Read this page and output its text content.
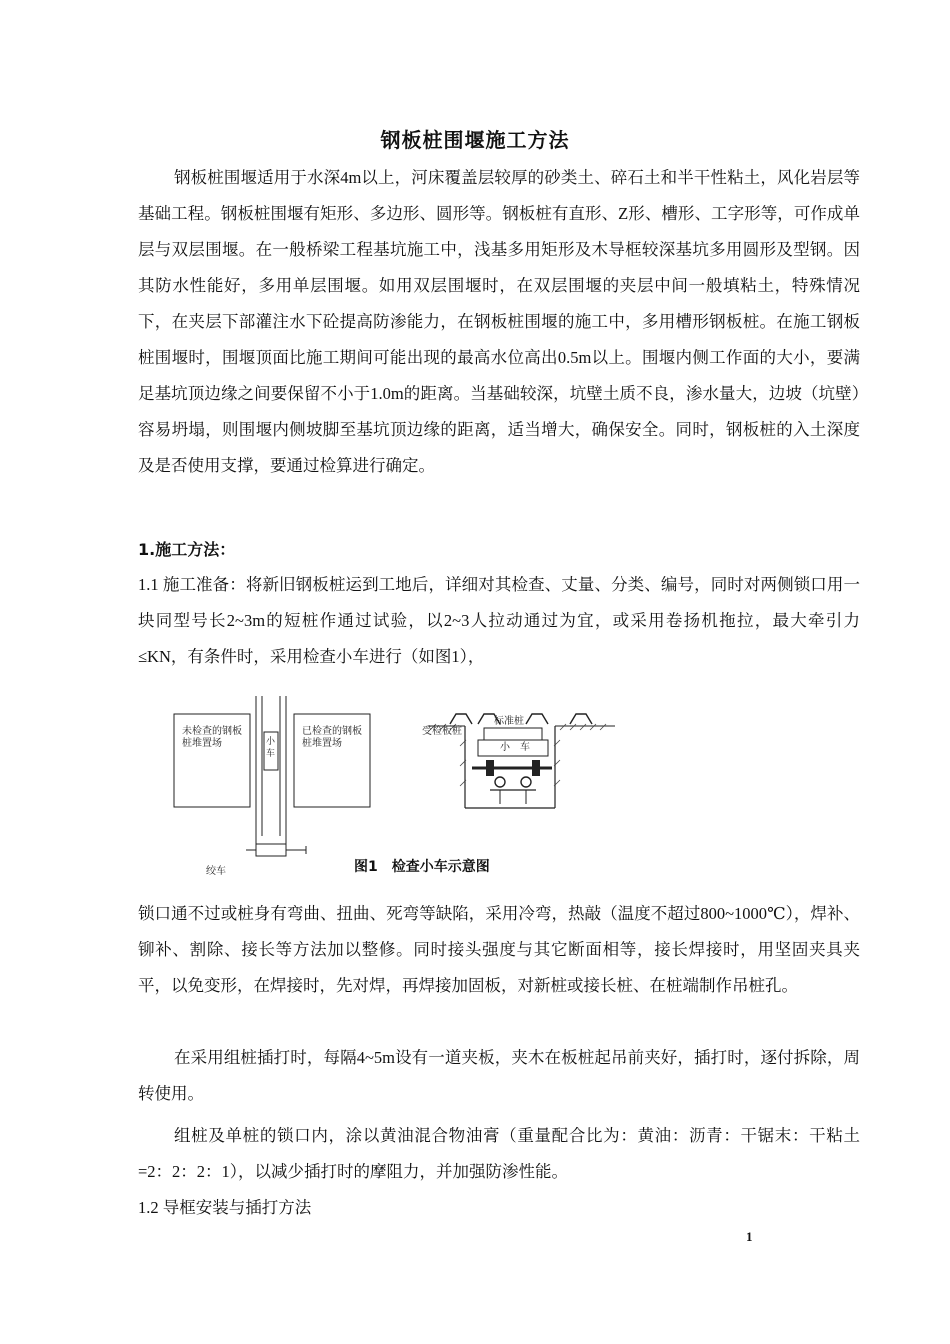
钢板桩围堰施工方法
钢板桩围堰适用于水深4m以上，河床覆盖层较厚的砂类土、碎石土和半干性粘土，风化岩层等基础工程。钢板桩围堰有矩形、多边形、圆形等。钢板桩有直形、Z形、槽形、工字形等，可作成单层与双层围堰。在一般桥梁工程基坑施工中，浅基多用矩形及木导框较深基坑多用圆形及型钢。因其防水性能好，多用单层围堰。如用双层围堰时，在双层围堰的夹层中间一般填粘土，特殊情况下，在夹层下部灌注水下砼提高防渗能力，在钢板桩围堰的施工中，多用槽形钢板桩。在施工钢板桩围堰时，围堰顶面比施工期间可能出现的最高水位高出0.5m以上。围堰内侧工作面的大小，要满足基坑顶边缘之间要保留不小于1.0m的距离。当基础较深，坑壁土质不良，渗水量大，边坡（坑壁）容易坍塌，则围堰内侧坡脚至基坑顶边缘的距离，适当增大，确保安全。同时，钢板桩的入土深度及是否使用支撑，要通过检算进行确定。
1.施工方法：
1.1 施工准备：将新旧钢板桩运到工地后，详细对其检查、丈量、分类、编号，同时对两侧锁口用一块同型号长2~3m的短桩作通过试验，以2~3人拉动通过为宜，或采用卷扬机拖拉，最大牵引力≤KN，有条件时，采用检查小车进行（如图1），
未检查的钢板桩堆置场
已检查的钢板桩堆置场
小车
绞车
受检板桩
标准桩
小　车
图1　检查小车示意图
锁口通不过或桩身有弯曲、扭曲、死弯等缺陷，采用冷弯，热敲（温度不超过800~1000℃），焊补、铆补、割除、接长等方法加以整修。同时接头强度与其它断面相等，接长焊接时，用坚固夹具夹平，以免变形，在焊接时，先对焊，再焊接加固板，对新桩或接长桩、在桩端制作吊桩孔。
在采用组桩插打时，每隔4~5m设有一道夹板，夹木在板桩起吊前夹好，插打时，逐付拆除，周转使用。
组桩及单桩的锁口内，涂以黄油混合物油膏（重量配合比为：黄油：沥青：干锯末：干粘土=2：2：2：1），以减少插打时的摩阻力，并加强防渗性能。
1.2 导框安装与插打方法
1
